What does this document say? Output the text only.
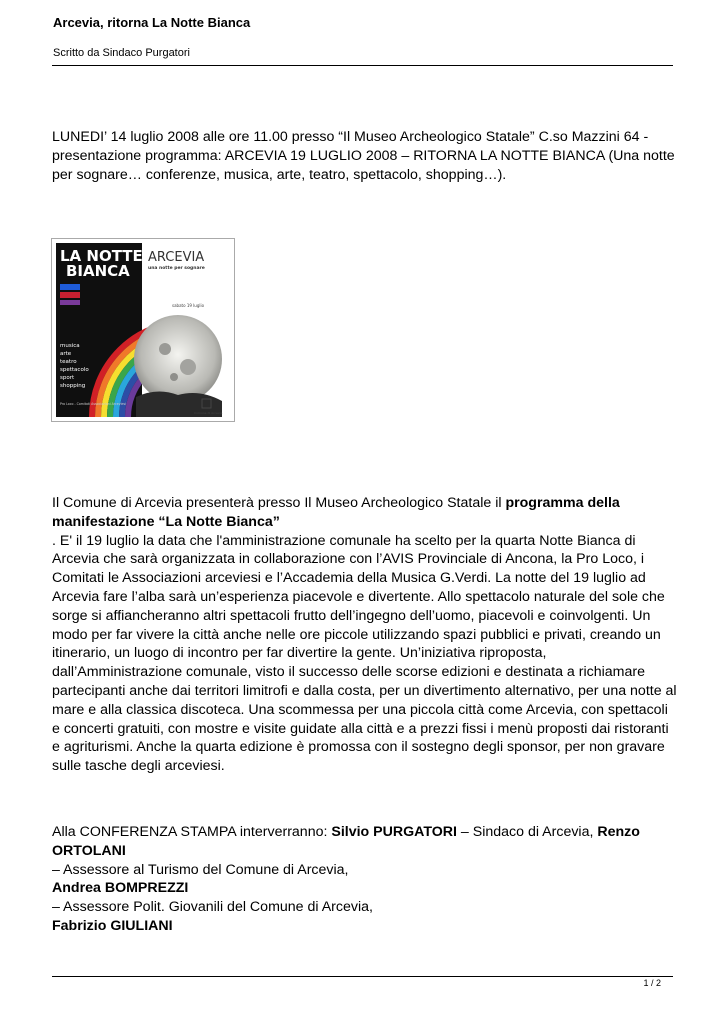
Arcevia, ritorna La Notte Bianca
Scritto da Sindaco Purgatori

LUNEDI’ 14 luglio 2008 alle ore 11.00 presso “Il Museo Archeologico Statale” C.so Mazzini 64 - presentazione programma: ARCEVIA 19 LUGLIO 2008 – RITORNA LA NOTTE BIANCA (Una notte per sognare… conferenze, musica, arte, teatro, spettacolo, shopping…).

LA NOTTE
BIANCA
musica
arte
teatro
spettacolo
sport
shopping
Pro Loco - Comitati Associazioni Arceviesi
ARCEVIA
una notte per sognare
sabato 19 luglio
Comune di Arcevia

Il Comune di Arcevia presenterà presso Il Museo Archeologico Statale il programma della manifestazione “La Notte Bianca”
. E' il 19 luglio la data che l'amministrazione comunale ha scelto per la quarta Notte Bianca di Arcevia che sarà organizzata in collaborazione con l’AVIS Provinciale di Ancona, la Pro Loco, i Comitati le Associazioni arceviesi e l’Accademia della Musica G.Verdi. La notte del 19 luglio ad Arcevia fare l’alba sarà un’esperienza piacevole e divertente. Allo spettacolo naturale del sole che sorge si affiancheranno altri spettacoli frutto dell’ingegno dell’uomo, piacevoli e coinvolgenti. Un modo per far vivere la città anche nelle ore piccole utilizzando spazi pubblici e privati, creando un itinerario, un luogo di incontro per far divertire la gente. Un’iniziativa riproposta, dall’Amministrazione comunale, visto il successo delle scorse edizioni e destinata a richiamare partecipanti anche dai territori limitrofi e dalla costa, per un divertimento alternativo, per una notte al mare e alla classica discoteca. Una scommessa per una piccola città come Arcevia, con spettacoli e concerti gratuiti, con mostre e visite guidate alla città e a prezzi fissi i menù proposti dai ristoranti e agriturismi. Anche la quarta edizione è promossa con il sostegno degli sponsor, per non gravare sulle tasche degli arceviesi.

Alla CONFERENZA STAMPA interverranno: Silvio PURGATORI – Sindaco di Arcevia, Renzo ORTOLANI
– Assessore al Turismo del Comune di Arcevia,
Andrea BOMPREZZI
– Assessore Polit. Giovanili del Comune di Arcevia,
Fabrizio GIULIANI

1 / 2
